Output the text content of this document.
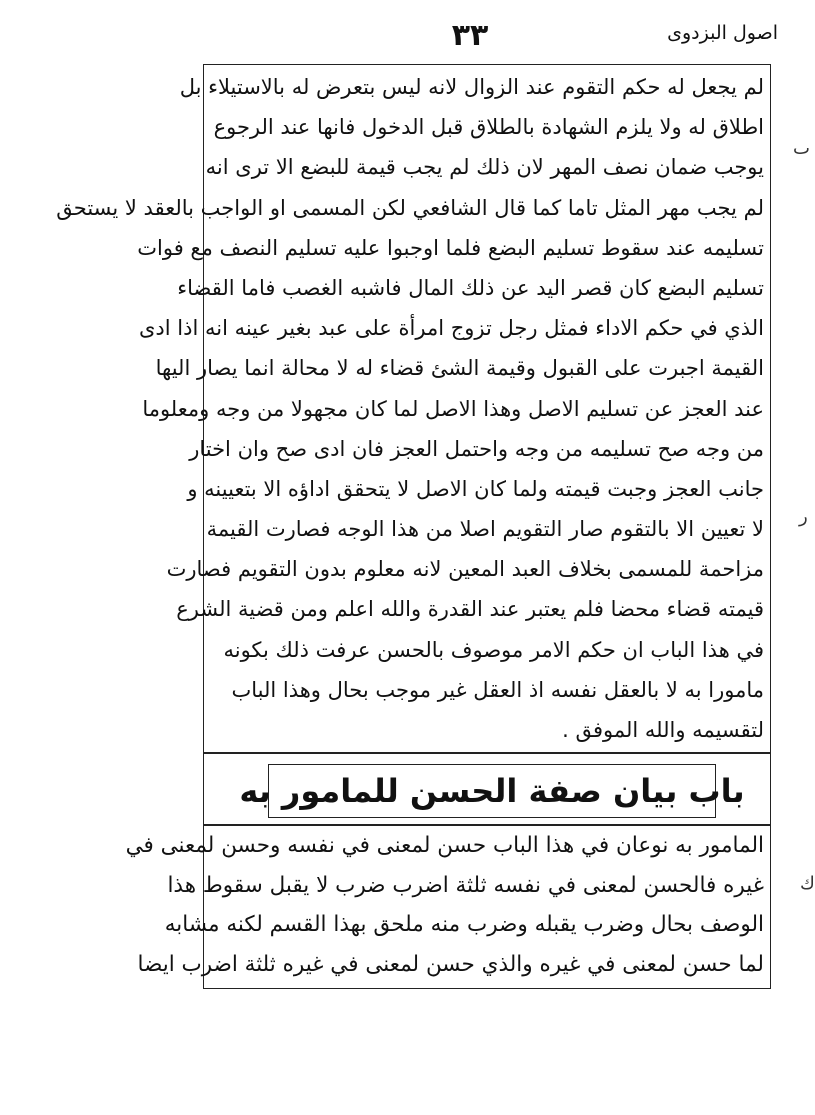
اصول البزدوی
۳۳
لم يجعل له حكم التقوم عند الزوال لانه ليس بتعرض له بالاستيلاء بل
اطلاق له ولا يلزم الشهادة بالطلاق قبل الدخول فانها عند الرجوع
يوجب ضمان نصف المهر لان ذلك لم يجب قيمة للبضع الا ترى انه
لم يجب مهر المثل تاما كما قال الشافعي لكن المسمى او الواجب بالعقد لا يستحق
تسليمه عند سقوط تسليم البضع فلما اوجبوا عليه تسليم النصف مع فوات
تسليم البضع كان قصر اليد عن ذلك المال فاشبه الغصب فاما القضاء
الذي في حكم الاداء فمثل رجل تزوج امرأة على عبد بغير عينه انه اذا ادى
القيمة اجبرت على القبول وقيمة الشئ قضاء له لا محالة انما يصار اليها
عند العجز عن تسليم الاصل وهذا الاصل لما كان مجهولا من وجه ومعلوما
من وجه صح تسليمه من وجه واحتمل العجز فان ادى صح وان اختار
جانب العجز وجبت قيمته ولما كان الاصل لا يتحقق اداؤه الا بتعيينه و
لا تعيين الا بالتقوم صار التقويم اصلا من هذا الوجه فصارت القيمة
مزاحمة للمسمى بخلاف العبد المعين لانه معلوم بدون التقويم فصارت
قيمته قضاء محضا فلم يعتبر عند القدرة والله اعلم ومن قضية الشرع
في هذا الباب ان حكم الامر موصوف بالحسن عرفت ذلك بكونه
مامورا به لا بالعقل نفسه اذ العقل غير موجب بحال وهذا الباب
لتقسيمه والله الموفق .
باب بيان صفة الحسن للمامور به
المامور به نوعان في هذا الباب حسن لمعنى في نفسه وحسن لمعنى في
غيره فالحسن لمعنى في نفسه ثلثة اضرب ضرب لا يقبل سقوط هذا
الوصف بحال وضرب يقبله وضرب منه ملحق بهذا القسم لكنه مشابه
لما حسن لمعنى في غيره والذي حسن لمعنى في غيره ثلثة اضرب ايضا
ٮ
ر
ك
